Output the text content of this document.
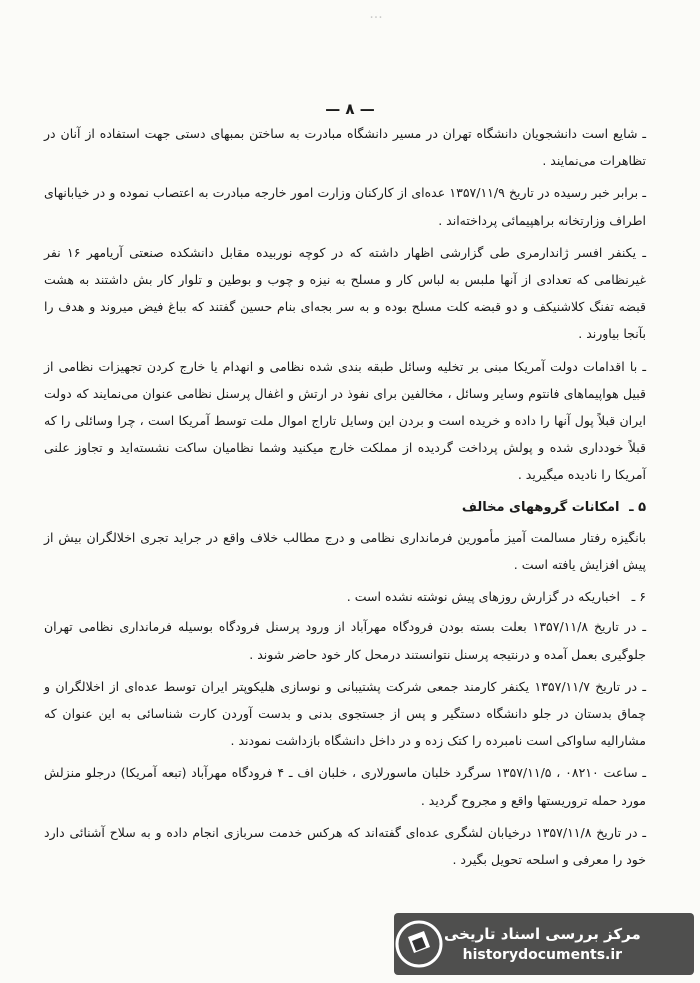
...
— ۸ —

ـ شایع است دانشجویان دانشگاه تهران در مسیر دانشگاه مبادرت به ساختن بمبهای دستی جهت استفاده از آنان در تظاهرات می‌نمایند .

ـ برابر خبر رسیده در تاریخ ۱۳۵۷/۱۱/۹ عده‌ای از کارکنان وزارت امور خارجه مبادرت به اعتصاب نموده و در خیابانهای اطراف وزارتخانه براهپیمائی پرداخته‌اند .

ـ یکنفر افسر ژاندارمری طی گزارشی اظهار داشته که در کوچه نوربیده مقابل دانشکده صنعتی آریامهر ۱۶ نفر غیرنظامی که تعدادی از آنها ملبس به لباس کار و مسلح به نیزه و چوب و بوطین و تلوار کار بش داشتند به هشت قبضه تفنگ کلاشنیکف و دو قبضه کلت مسلح بوده و به سر بجه‌ای بنام حسین گفتند که بباغ فیض میروند و هدف را بآنجا بیاورند .

ـ با اقدامات دولت آمریکا مبنی بر تخلیه وسائل طبقه بندی شده نظامی و انهدام یا خارج کردن تجهیزات نظامی از قبیل هواپیماهای فانتوم وسایر وسائل ، مخالفین برای نفوذ در ارتش و اغفال پرسنل نظامی عنوان می‌نمایند که دولت ایران قبلاً پول آنها را داده و خریده است و بردن این وسایل تاراج اموال ملت توسط آمریکا است ، چرا وسائلی را که قبلاً خودداری شده و پولش پرداخت گردیده از مملکت خارج میکنید وشما نظامیان ساکت نشسته‌اید و تجاوز علنی آمریکا را نادیده میگیرید .

۵ ـ امکانات گروههای مخالف

بانگیزه رفتار مسالمت آمیز مأمورین فرمانداری نظامی و درج مطالب خلاف واقع در جراید تجری اخلالگران بیش از پیش افزایش یافته است .

۶ ـ اخباریکه در گزارش روزهای پیش نوشته نشده است .

ـ در تاریخ ۱۳۵۷/۱۱/۸ بعلت بسته بودن فرودگاه مهرآباد از ورود پرسنل فرودگاه بوسیله فرمانداری نظامی تهران جلوگیری بعمل آمده و درنتیجه پرسنل نتوانستند درمحل کار خود حاضر شوند .

ـ در تاریخ ۱۳۵۷/۱۱/۷ یکنفر کارمند جمعی شرکت پشتیبانی و نوسازی هلیکوپتر ایران توسط عده‌ای از اخلالگران و چماق بدستان در جلو دانشگاه دستگیر و پس از جستجوی بدنی و بدست آوردن کارت شناسائی به این عنوان که مشارالیه ساواکی است نامبرده را کتک زده و در داخل دانشگاه بازداشت نمودند .

ـ ساعت ۰۸۲۱۰ ، ۱۳۵۷/۱۱/۵ سرگرد خلبان ماسورلاری ، خلبان اف ـ ۴ فرودگاه مهرآباد (تبعه آمریکا) درجلو منزلش مورد حمله تروریستها واقع و مجروح گردید .

ـ در تاریخ ۱۳۵۷/۱۱/۸ درخیابان لشگری عده‌ای گفته‌اند که هرکس خدمت سربازی انجام داده و به سلاح آشنائی دارد خود را معرفی و اسلحه تحویل بگیرد .

مرکز بررسی اسناد تاریخی
historydocuments.ir
